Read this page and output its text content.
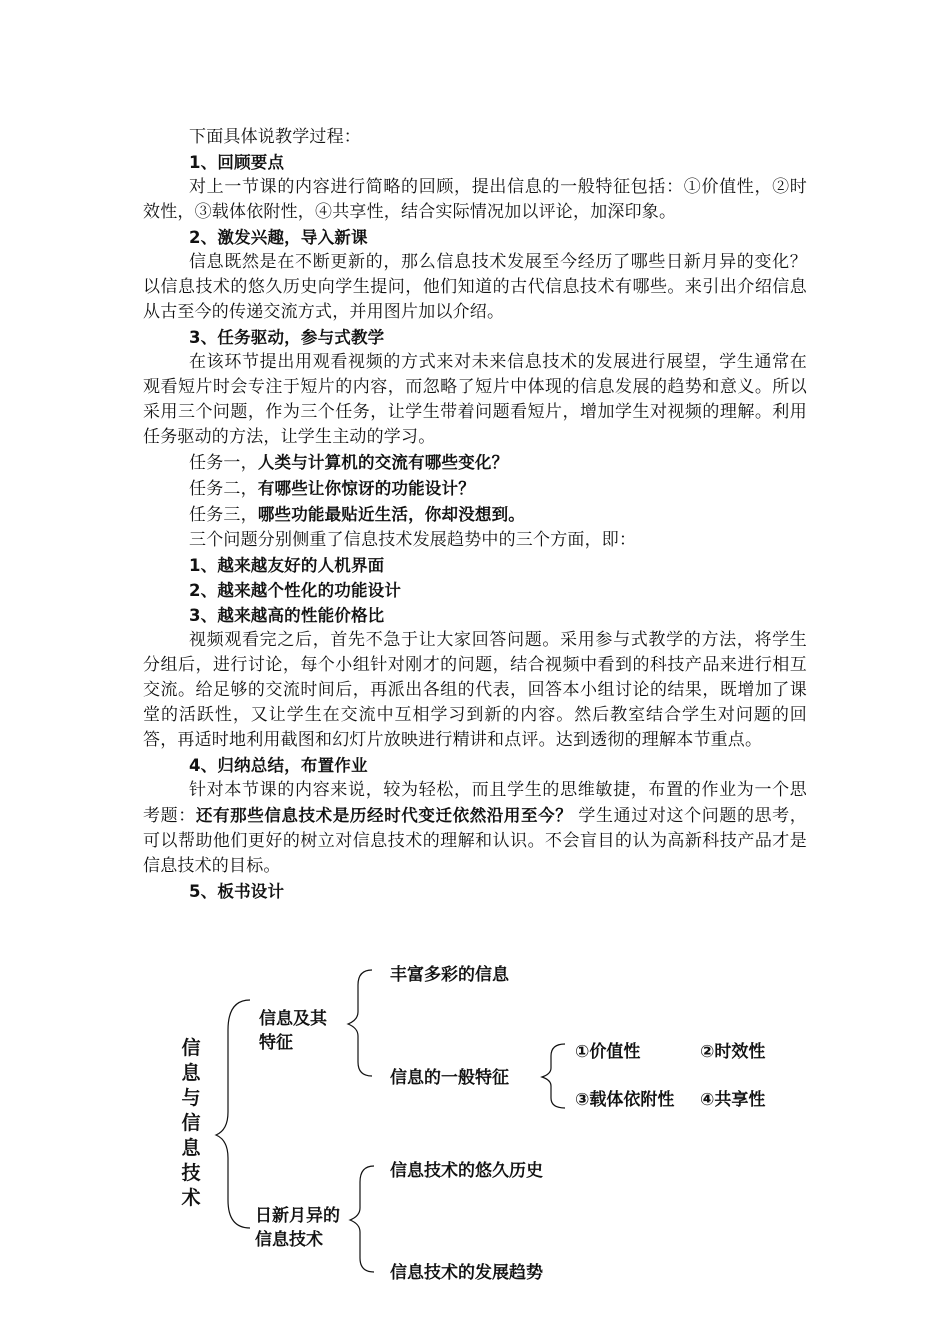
下面具体说教学过程：

1、回顾要点

对上一节课的内容进行简略的回顾，提出信息的一般特征包括：①价值性，②时效性，③载体依附性，④共享性，结合实际情况加以评论，加深印象。

2、激发兴趣，导入新课

信息既然是在不断更新的，那么信息技术发展至今经历了哪些日新月异的变化？以信息技术的悠久历史向学生提问，他们知道的古代信息技术有哪些。来引出介绍信息从古至今的传递交流方式，并用图片加以介绍。

3、任务驱动，参与式教学

在该环节提出用观看视频的方式来对未来信息技术的发展进行展望，学生通常在观看短片时会专注于短片的内容，而忽略了短片中体现的信息发展的趋势和意义。所以采用三个问题，作为三个任务，让学生带着问题看短片，增加学生对视频的理解。利用任务驱动的方法，让学生主动的学习。

任务一，人类与计算机的交流有哪些变化？

任务二，有哪些让你惊讶的功能设计？

任务三，哪些功能最贴近生活，你却没想到。

三个问题分别侧重了信息技术发展趋势中的三个方面，即：

1、越来越友好的人机界面

2、越来越个性化的功能设计

3、越来越高的性能价格比

视频观看完之后，首先不急于让大家回答问题。采用参与式教学的方法，将学生分组后，进行讨论，每个小组针对刚才的问题，结合视频中看到的科技产品来进行相互交流。给足够的交流时间后，再派出各组的代表，回答本小组讨论的结果，既增加了课堂的活跃性，又让学生在交流中互相学习到新的内容。然后教室结合学生对问题的回答，再适时地利用截图和幻灯片放映进行精讲和点评。达到透彻的理解本节重点。

4、归纳总结，布置作业

针对本节课的内容来说，较为轻松，而且学生的思维敏捷，布置的作业为一个思考题：还有那些信息技术是历经时代变迁依然沿用至今？ 学生通过对这个问题的思考，可以帮助他们更好的树立对信息技术的理解和认识。不会盲目的认为高新科技产品才是信息技术的目标。

5、板书设计

信息与信息技术
信息及其特征
丰富多彩的信息
信息的一般特征
①价值性	②时效性
③载体依附性 ④共享性
日新月异的信息技术
信息技术的悠久历史
信息技术的发展趋势
